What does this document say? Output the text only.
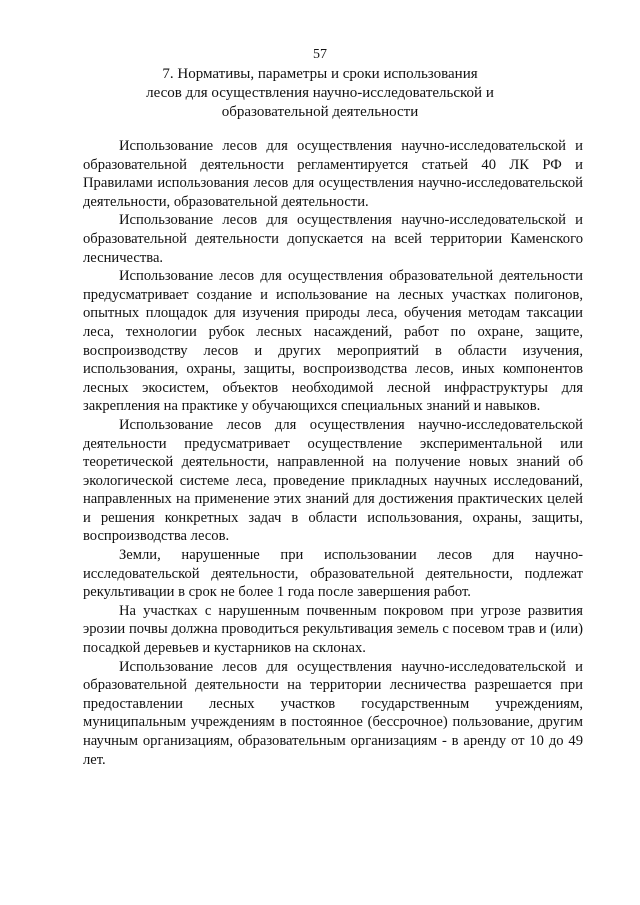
57
7. Нормативы, параметры и сроки использования
лесов для осуществления научно-исследовательской и
образовательной деятельности

Использование лесов для осуществления научно-исследовательской и образовательной деятельности регламентируется статьей 40 ЛК РФ и Правилами использования лесов для осуществления научно-исследовательской деятельности, образовательной деятельности.

Использование лесов для осуществления научно-исследовательской и образовательной деятельности допускается на всей территории Каменского лесничества.

Использование лесов для осуществления образовательной деятельности предусматривает создание и использование на лесных участках полигонов, опытных площадок для изучения природы леса, обучения методам таксации леса, технологии рубок лесных насаждений, работ по охране, защите, воспроизводству лесов и других мероприятий в области изучения, использования, охраны, защиты, воспроизводства лесов, иных компонентов лесных экосистем, объектов необходимой лесной инфраструктуры для закрепления на практике у обучающихся специальных знаний и навыков.

Использование лесов для осуществления научно-исследовательской деятельности предусматривает осуществление экспериментальной или теоретической деятельности, направленной на получение новых знаний об экологической системе леса, проведение прикладных научных исследований, направленных на применение этих знаний для достижения практических целей и решения конкретных задач в области использования, охраны, защиты, воспроизводства лесов.

Земли, нарушенные при использовании лесов для научно-исследовательской деятельности, образовательной деятельности, подлежат рекультивации в срок не более 1 года после завершения работ.

На участках с нарушенным почвенным покровом при угрозе развития эрозии почвы должна проводиться рекультивация земель с посевом трав и (или) посадкой деревьев и кустарников на склонах.

Использование лесов для осуществления научно-исследовательской и образовательной деятельности на территории лесничества разрешается при предоставлении лесных участков государственным учреждениям, муниципальным учреждениям в постоянное (бессрочное) пользование, другим научным организациям, образовательным организациям - в аренду от 10 до 49 лет.
